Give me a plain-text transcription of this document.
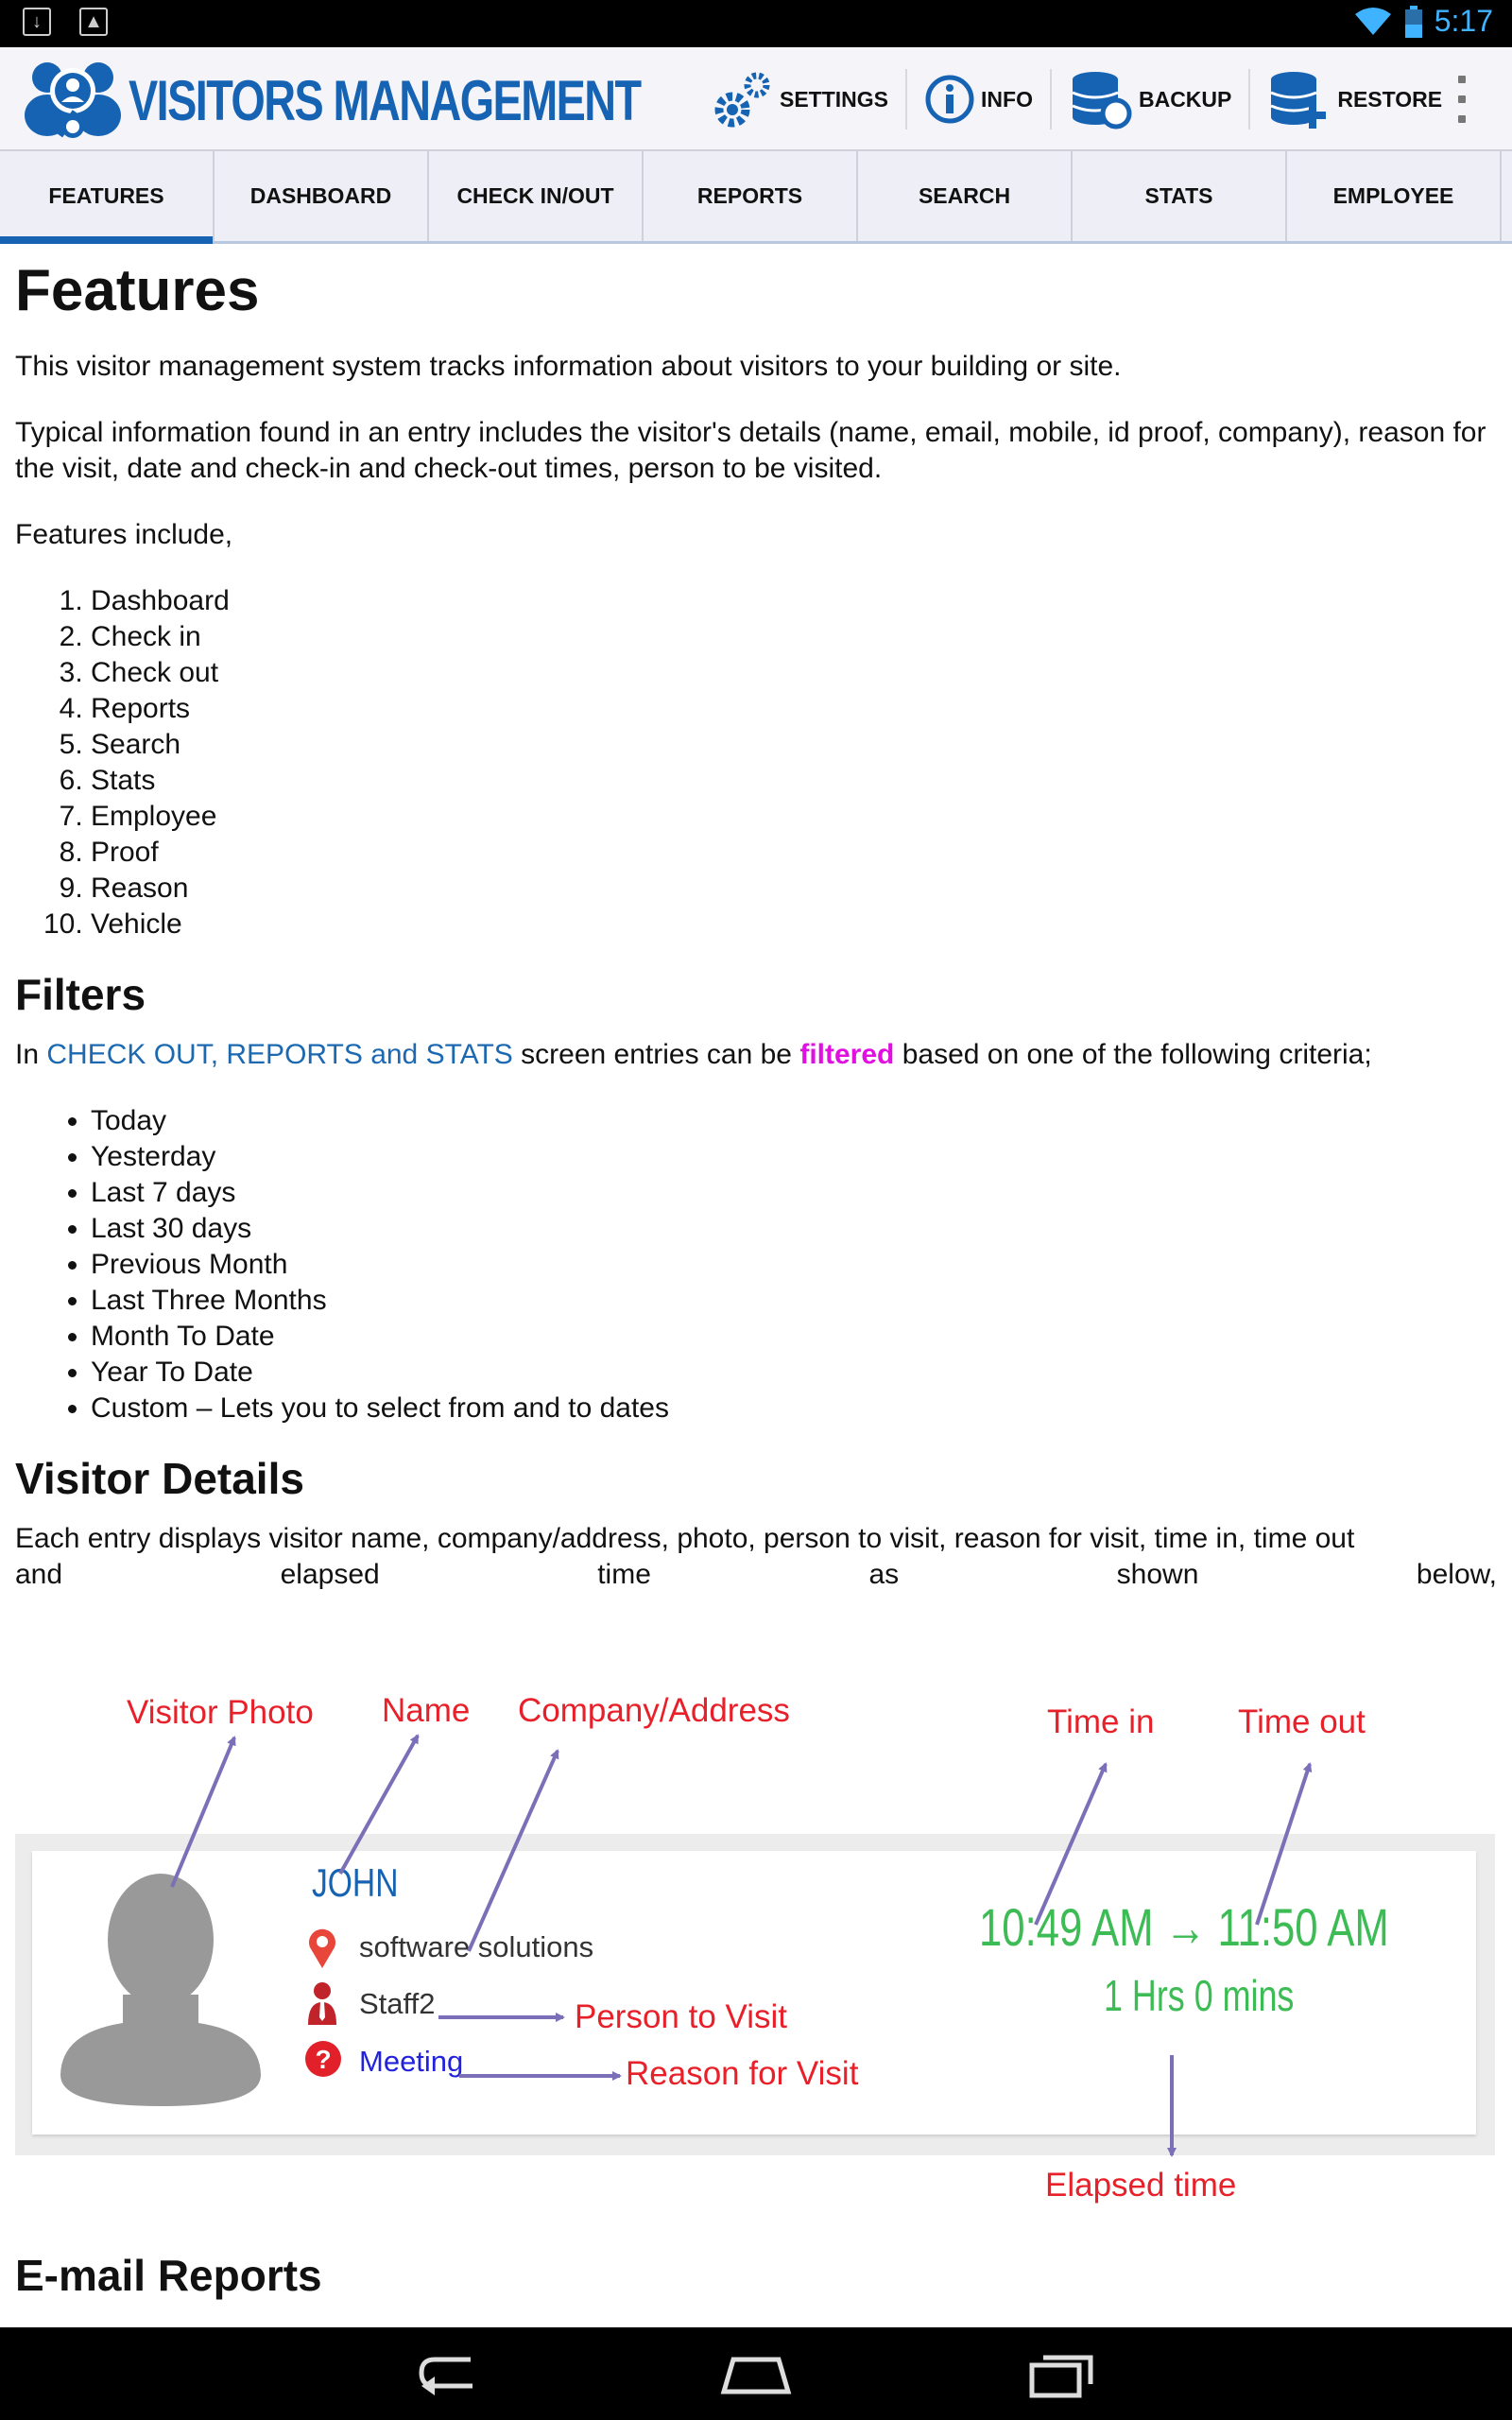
↓	▲	5:17
VISITORS MANAGEMENT	SETTINGS	INFO	BACKUP	RESTORE
FEATURES	DASHBOARD	CHECK IN/OUT	REPORTS	SEARCH	STATS	EMPLOYEE
Features

This visitor management system tracks information about visitors to your building or site.

Typical information found in an entry includes the visitor's details (name, email, mobile, id proof, company), reason for the visit, date and check-in and check-out times, person to be visited.

Features include,

1. Dashboard
2. Check in
3. Check out
4. Reports
5. Search
6. Stats
7. Employee
8. Proof
9. Reason
10. Vehicle
Filters

In CHECK OUT, REPORTS and STATS screen entries can be filtered based on one of the following criteria;

• Today
• Yesterday
• Last 7 days
• Last 30 days
• Previous Month
• Last Three Months
• Month To Date
• Year To Date
• Custom – Lets you to select from and to dates
Visitor Details

Each entry displays visitor name, company/address, photo, person to visit, reason for visit, time in, time out

and elapsed time as shown below,

JOHN
software solutions
Staff2
? Meeting
10:49 AM → 11:50 AM
1 Hrs 0 mins
Visitor Photo Name Company/Address	Time in	Time out
Person to Visit
Reason for Visit
Elapsed time
E-mail Reports
